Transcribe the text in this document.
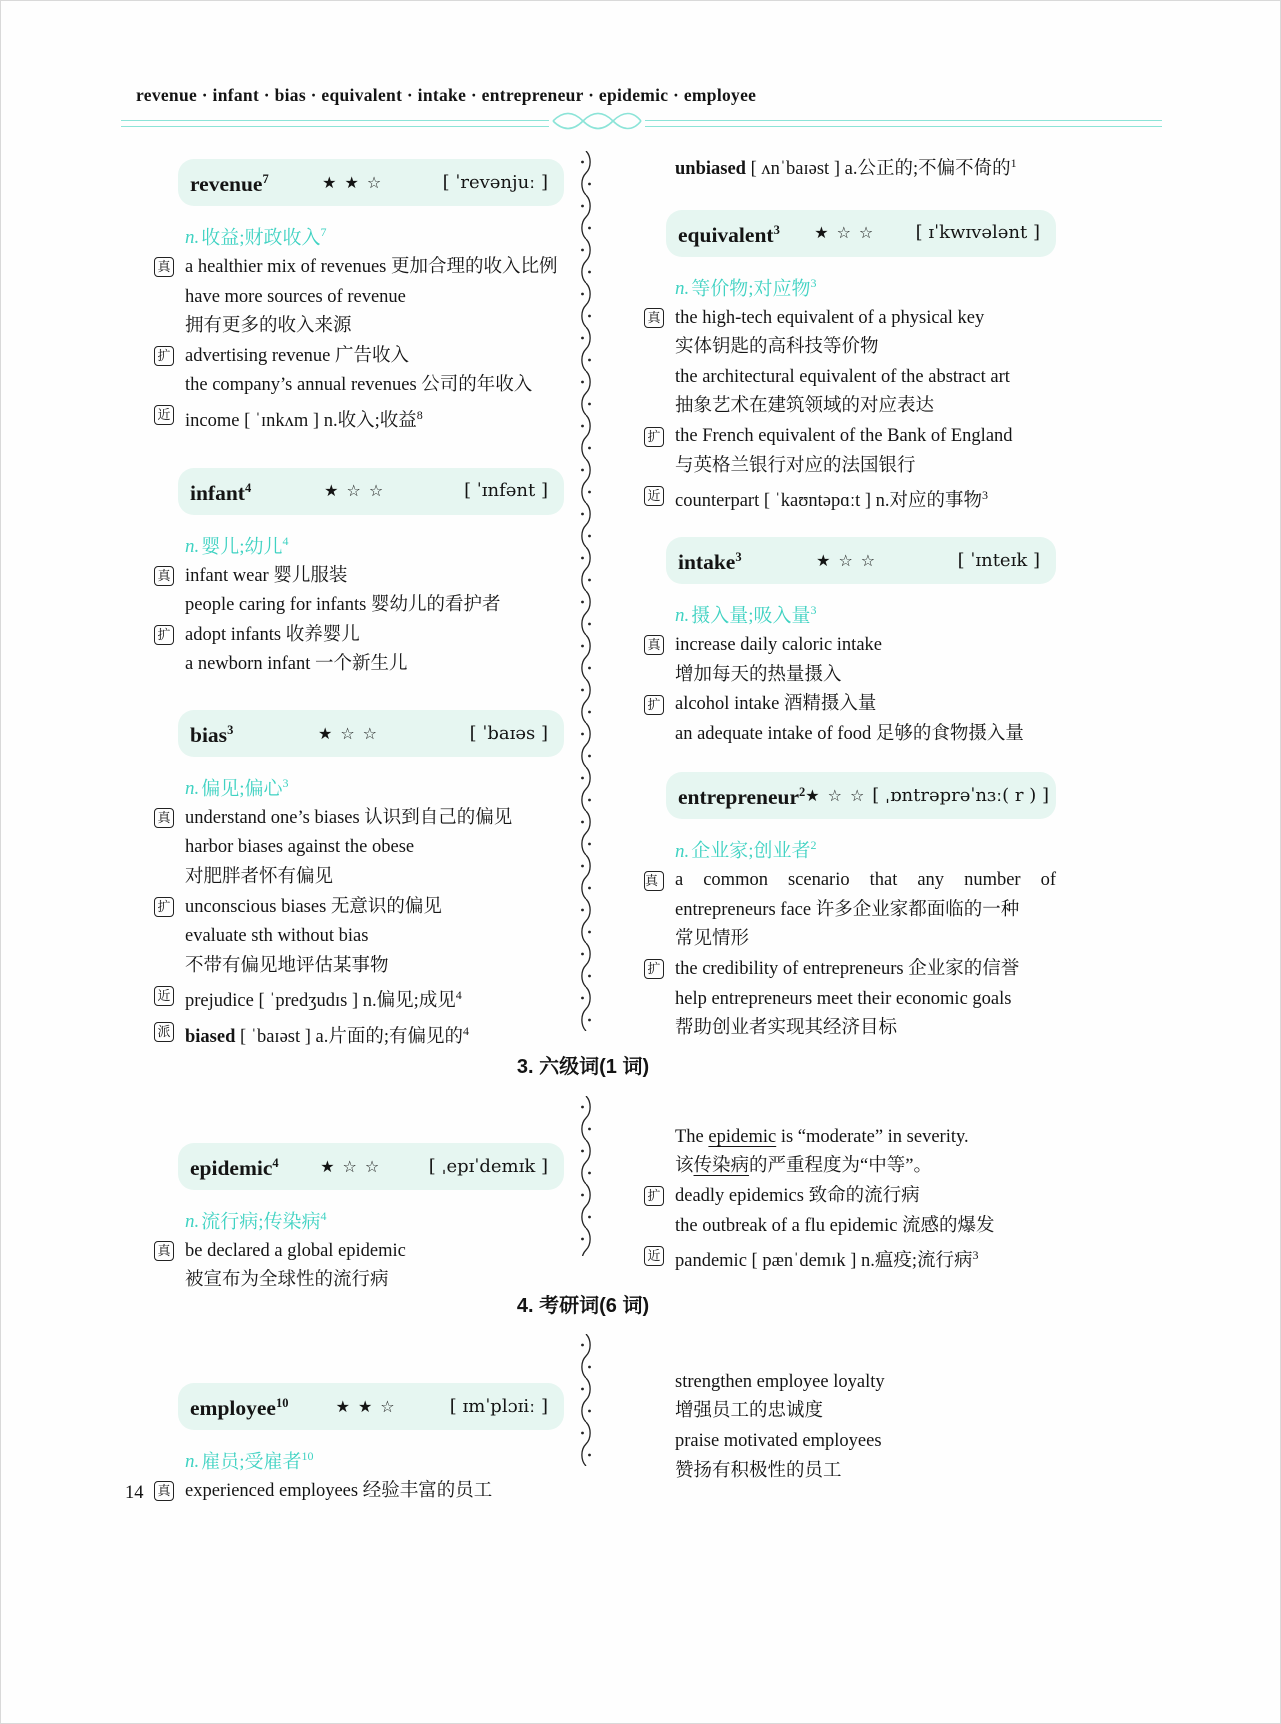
revenue · infant · bias · equivalent · intake · entrepreneur · epidemic · employee
revenue$^7$	★★☆	[ ˈrevənjuː ]
n. 收益;财政收入$^7$
真 a healthier mix of revenues 更加合理的收入比例
have more sources of revenue
拥有更多的收入来源
扩 advertising revenue 广告收入
the company’s annual revenues 公司的年收入
近 income [ ˈɪnkʌm ] n.收入;收益$^8$
infant$^4$	★☆☆	[ ˈɪnfənt ]
n. 婴儿;幼儿$^4$
真 infant wear 婴儿服装
people caring for infants 婴幼儿的看护者
扩 adopt infants 收养婴儿
a newborn infant 一个新生儿
bias$^3$	★☆☆	[ ˈbaɪəs ]
n. 偏见;偏心$^3$
真 understand one’s biases 认识到自己的偏见
harbor biases against the obese
对肥胖者怀有偏见
扩 unconscious biases 无意识的偏见
evaluate sth without bias
不带有偏见地评估某事物
近 prejudice [ ˈpredʒudɪs ] n.偏见;成见$^4$
派 biased [ ˈbaɪəst ] a.片面的;有偏见的$^4$
epidemic$^4$	★☆☆ [ ˌepɪˈdemɪk ]
n. 流行病;传染病$^4$
真 be declared a global epidemic
被宣布为全球性的流行病
employee$^{10}$	★★☆	[ ɪmˈplɔɪiː ]
n. 雇员;受雇者$^{10}$
真 experienced employees 经验丰富的员工
unbiased [ ʌnˈbaɪəst ] a.公正的;不偏不倚的$^1$
equivalent$^3$ ★☆☆ [ ɪˈkwɪvələnt ]
n. 等价物;对应物$^3$
真 the high-tech equivalent of a physical key
实体钥匙的高科技等价物
the architectural equivalent of the abstract art
抽象艺术在建筑领域的对应表达
扩 the French equivalent of the Bank of England
与英格兰银行对应的法国银行
近 counterpart [ ˈkaʊntəpɑːt ] n.对应的事物$^3$
intake$^3$	★☆☆	[ ˈɪnteɪk ]
n. 摄入量;吸入量$^3$
真 increase daily caloric intake
增加每天的热量摄入
扩 alcohol intake 酒精摄入量
an adequate intake of food 足够的食物摄入量
entrepreneur$^2$ ★☆☆ [ ˌɒntrəprəˈnɜː( r ) ]
n. 企业家;创业者$^2$
真 a common scenario that any number of
entrepreneurs face 许多企业家都面临的一种
常见情形
扩 the credibility of entrepreneurs 企业家的信誉
help entrepreneurs meet their economic goals
帮助创业者实现其经济目标
The epidemic is “moderate” in severity.
该传染病的严重程度为“中等”。
扩 deadly epidemics 致命的流行病
the outbreak of a flu epidemic 流感的爆发
近 pandemic [ pænˈdemɪk ] n.瘟疫;流行病$^3$
strengthen employee loyalty
增强员工的忠诚度
praise motivated employees
赞扬有积极性的员工
3. 六级词(1 词)
4. 考研词(6 词)
14
